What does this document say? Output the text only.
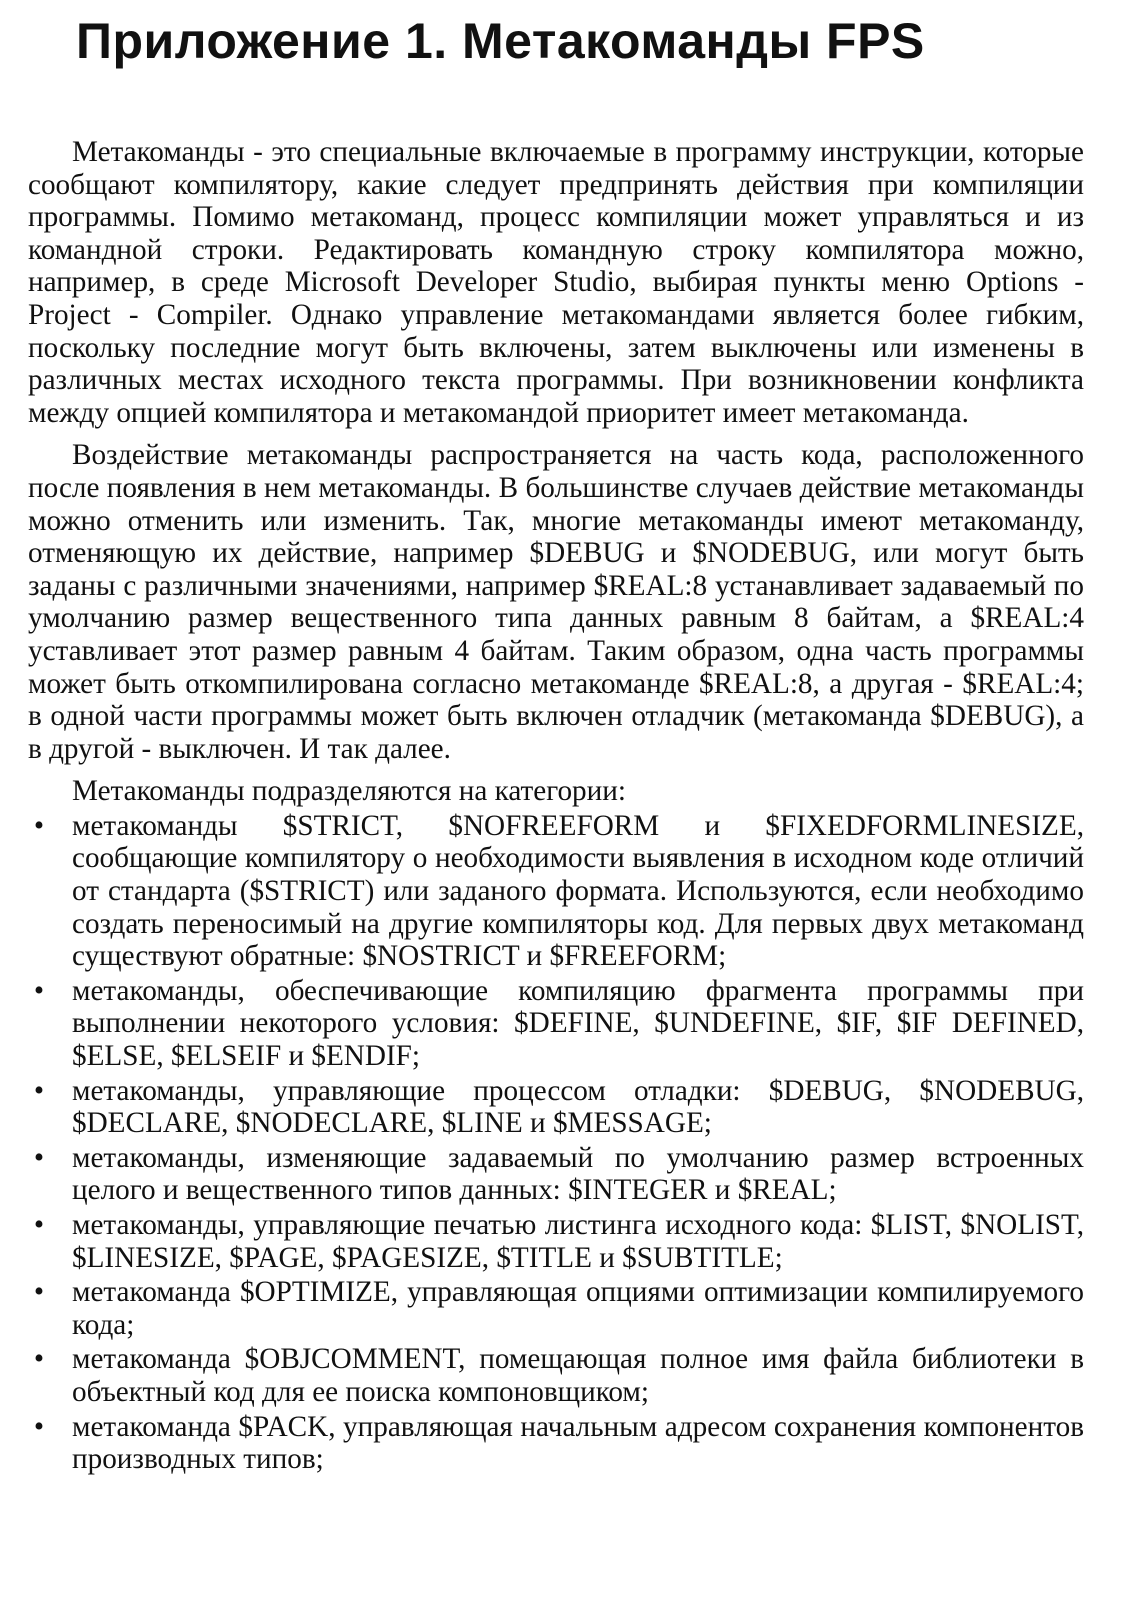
Приложение 1. Метакоманды FPS

Метакоманды - это специальные включаемые в программу инструкции, которые сообщают компилятору, какие следует предпринять действия при компиляции программы. Помимо метакоманд, процесс компиляции может управляться и из командной строки. Редактировать командную строку компилятора можно, например, в среде Microsoft Developer Studio, выбирая пункты меню Options - Project - Compiler. Однако управление метакомандами является более гибким, поскольку последние могут быть включены, затем выключены или изменены в различных местах исходного текста программы. При возникновении конфликта между опцией компилятора и метакомандой приоритет имеет метакоманда.

Воздействие метакоманды распространяется на часть кода, расположенного после появления в нем метакоманды. В большинстве случаев действие метакоманды можно отменить или изменить. Так, многие метакоманды имеют метакоманду, отменяющую их действие, например $DEBUG и $NODEBUG, или могут быть заданы с различными значениями, например $REAL:8 устанавливает задаваемый по умолчанию размер вещественного типа данных равным 8 байтам, а $REAL:4 уставливает этот размер равным 4 байтам. Таким образом, одна часть программы может быть откомпилирована согласно метакоманде $REAL:8, а другая - $REAL:4; в одной части программы может быть включен отладчик (метакоманда $DEBUG), а в другой - выключен. И так далее.

Метакоманды подразделяются на категории:

• метакоманды $STRICT, $NOFREEFORM и $FIXEDFORMLINESIZE, сообщающие компилятору о необходимости выявления в исходном коде отличий от стандарта ($STRICT) или заданого формата. Используются, если необходимо создать переносимый на другие компиляторы код. Для первых двух метакоманд существуют обратные: $NOSTRICT и $FREEFORM;
• метакоманды, обеспечивающие компиляцию фрагмента программы при выполнении некоторого условия: $DEFINE, $UNDEFINE, $IF, $IF DEFINED, $ELSE, $ELSEIF и $ENDIF;
• метакоманды, управляющие процессом отладки: $DEBUG, $NODEBUG, $DECLARE, $NODECLARE, $LINE и $MESSAGE;
• метакоманды, изменяющие задаваемый по умолчанию размер встроенных целого и вещественного типов данных: $INTEGER и $REAL;
• метакоманды, управляющие печатью листинга исходного кода: $LIST, $NOLIST, $LINESIZE, $PAGE, $PAGESIZE, $TITLE и $SUBTITLE;
• метакоманда $OPTIMIZE, управляющая опциями оптимизации компилируемого кода;
• метакоманда $OBJCOMMENT, помещающая полное имя файла библиотеки в объектный код для ее поиска компоновщиком;
• метакоманда $PACK, управляющая начальным адресом сохранения компонентов производных типов;
